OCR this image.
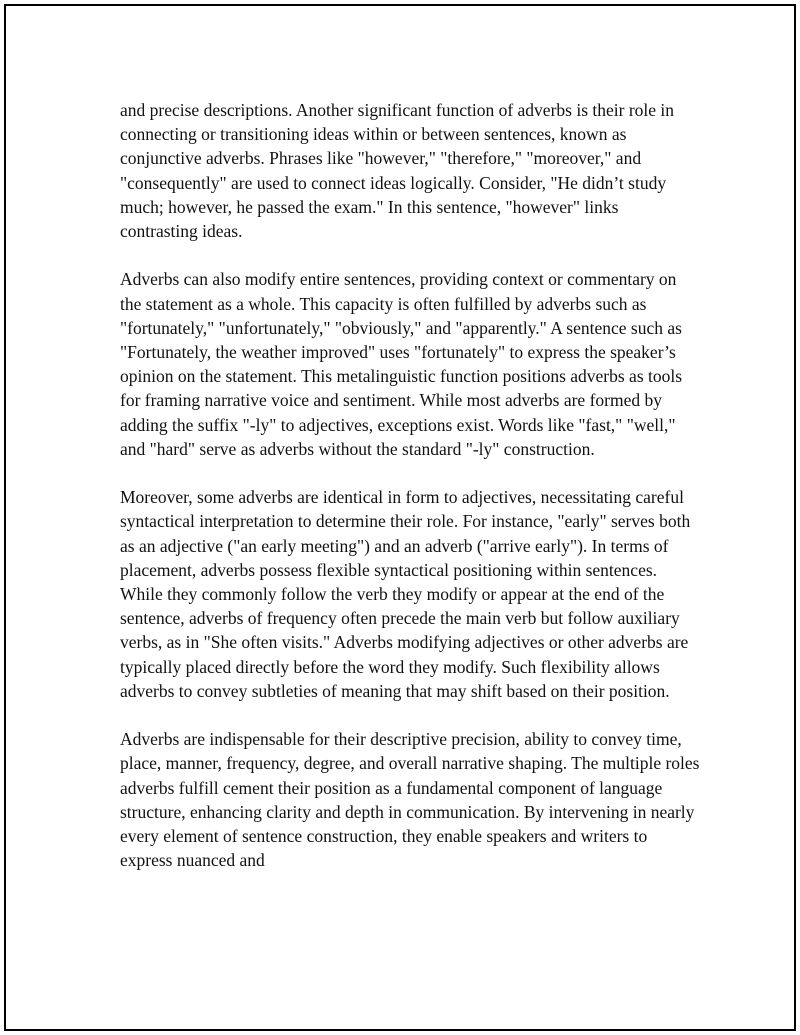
and precise descriptions. Another significant function of adverbs is their role in connecting or transitioning ideas within or between sentences, known as conjunctive adverbs. Phrases like "however," "therefore," "moreover," and "consequently" are used to connect ideas logically. Consider, "He didn’t study much; however, he passed the exam." In this sentence, "however" links contrasting ideas.

Adverbs can also modify entire sentences, providing context or commentary on the statement as a whole. This capacity is often fulfilled by adverbs such as "fortunately," "unfortunately," "obviously," and "apparently." A sentence such as "Fortunately, the weather improved" uses "fortunately" to express the speaker’s opinion on the statement. This metalinguistic function positions adverbs as tools for framing narrative voice and sentiment. While most adverbs are formed by adding the suffix "-ly" to adjectives, exceptions exist. Words like "fast," "well," and "hard" serve as adverbs without the standard "-ly" construction.

Moreover, some adverbs are identical in form to adjectives, necessitating careful syntactical interpretation to determine their role. For instance, "early" serves both as an adjective ("an early meeting") and an adverb ("arrive early"). In terms of placement, adverbs possess flexible syntactical positioning within sentences. While they commonly follow the verb they modify or appear at the end of the sentence, adverbs of frequency often precede the main verb but follow auxiliary verbs, as in "She often visits." Adverbs modifying adjectives or other adverbs are typically placed directly before the word they modify. Such flexibility allows adverbs to convey subtleties of meaning that may shift based on their position.

Adverbs are indispensable for their descriptive precision, ability to convey time, place, manner, frequency, degree, and overall narrative shaping. The multiple roles adverbs fulfill cement their position as a fundamental component of language structure, enhancing clarity and depth in communication. By intervening in nearly every element of sentence construction, they enable speakers and writers to express nuanced and
